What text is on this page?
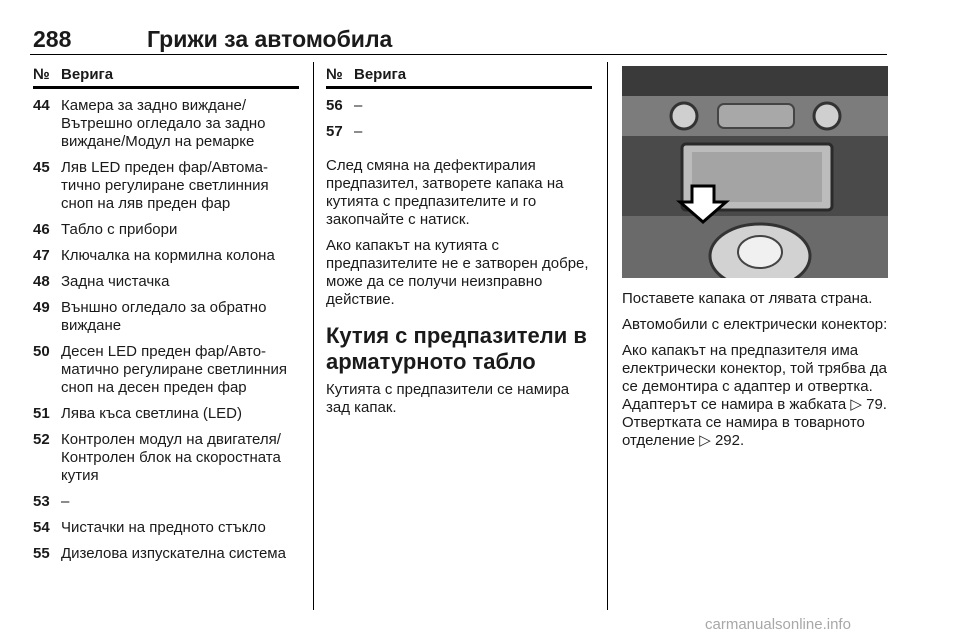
288	Грижи за автомобила
№ Верига
44 Камера за задно виждане/ Вътрешно огледало за задно виждане/Модул на ремарке
45 Ляв LED преден фар/Автоматично регулиране светлинния сноп на ляв преден фар
46 Табло с прибори
47 Ключалка на кормилна колона
48 Задна чистачка
49 Външно огледало за обратно виждане
50 Десен LED преден фар/Автоматично регулиране светлинния сноп на десен преден фар
51 Лява къса светлина (LED)
52 Контролен модул на двигателя/Контролен блок на скоростната кутия
53 –
54 Чистачки на предното стъкло
55 Дизелова изпускателна система
№ Верига
56 –
57 –
След смяна на дефектиралия предпазител, затворете капака на кутията с предпазителите и го закопчайте с натиск.
Ако капакът на кутията с предпазителите не е затворен добре, може да се получи неизправно действие.
Кутия с предпазители в арматурното табло
Кутията с предпазители се намира зад капак.
Поставете капака от лявата страна.
Автомобили с електрически конектор:
Ако капакът на предпазителя има електрически конектор, той трябва да се демонтира с адаптер и отвертка. Адаптерът се намира в жабката ▷ 79. Отвертката се намира в товарното отделение ▷ 292.
carmanualsonline.info
